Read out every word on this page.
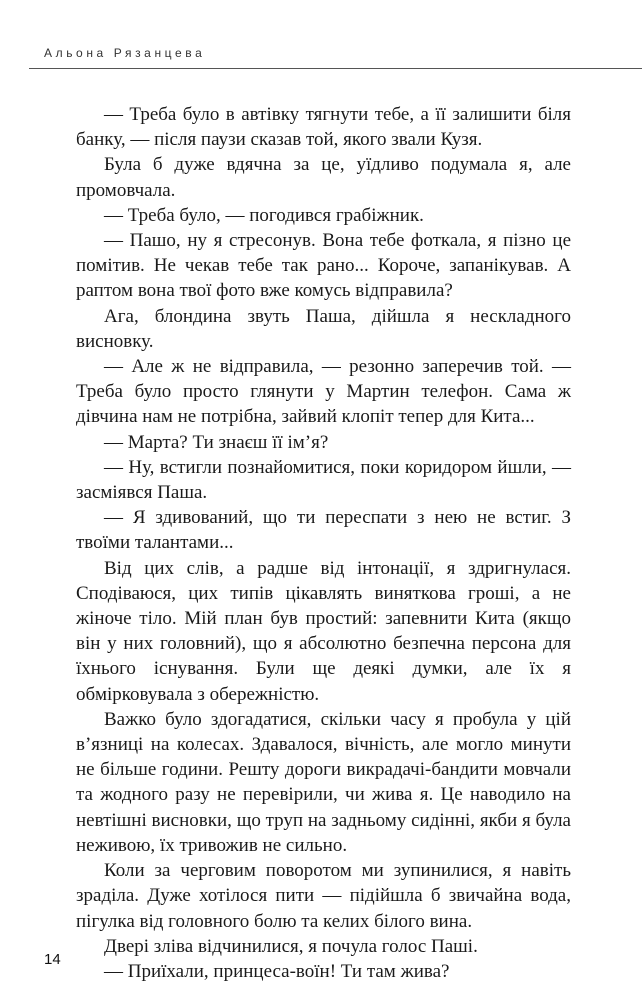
Альона Рязанцева

— Треба було в автівку тягнути тебе, а її залишити біля банку, — після паузи сказав той, якого звали Кузя.

Була б дуже вдячна за це, уїдливо подумала я, але промовчала.

— Треба було, — погодився грабіжник.

— Пашо, ну я стресонув. Вона тебе фоткала, я пізно це помітив. Не чекав тебе так рано... Короче, запанікував. А раптом вона твої фото вже комусь відправила?

Ага, блондина звуть Паша, дійшла я нескладного висновку.

— Але ж не відправила, — резонно заперечив той. — Треба було просто глянути у Мартин телефон. Сама ж дівчина нам не потрібна, зайвий клопіт тепер для Кита...

— Марта? Ти знаєш її ім’я?

— Ну, встигли познайомитися, поки коридором йшли, — засміявся Паша.

— Я здивований, що ти переспати з нею не встиг. З твоїми талантами...

Від цих слів, а радше від інтонації, я здригнулася. Сподіваюся, цих типів цікавлять виняткова гроші, а не жіноче тіло. Мій план був простий: запевнити Кита (якщо він у них головний), що я абсолютно безпечна персона для їхнього існування. Були ще деякі думки, але їх я обмірковувала з обережністю.

Важко було здогадатися, скільки часу я пробула у цій в’язниці на колесах. Здавалося, вічність, але могло минути не більше години. Решту дороги викрадачі-бандити мовчали та жодного разу не перевірили, чи жива я. Це наводило на невтішні висновки, що труп на задньому сидінні, якби я була неживою, їх тривожив не сильно.

Коли за черговим поворотом ми зупинилися, я навіть зраділа. Дуже хотілося пити — підійшла б звичайна вода, пігулка від головного болю та келих білого вина.

Двері зліва відчинилися, я почула голос Паші.

— Приїхали, принцеса-воїн! Ти там жива?

14
